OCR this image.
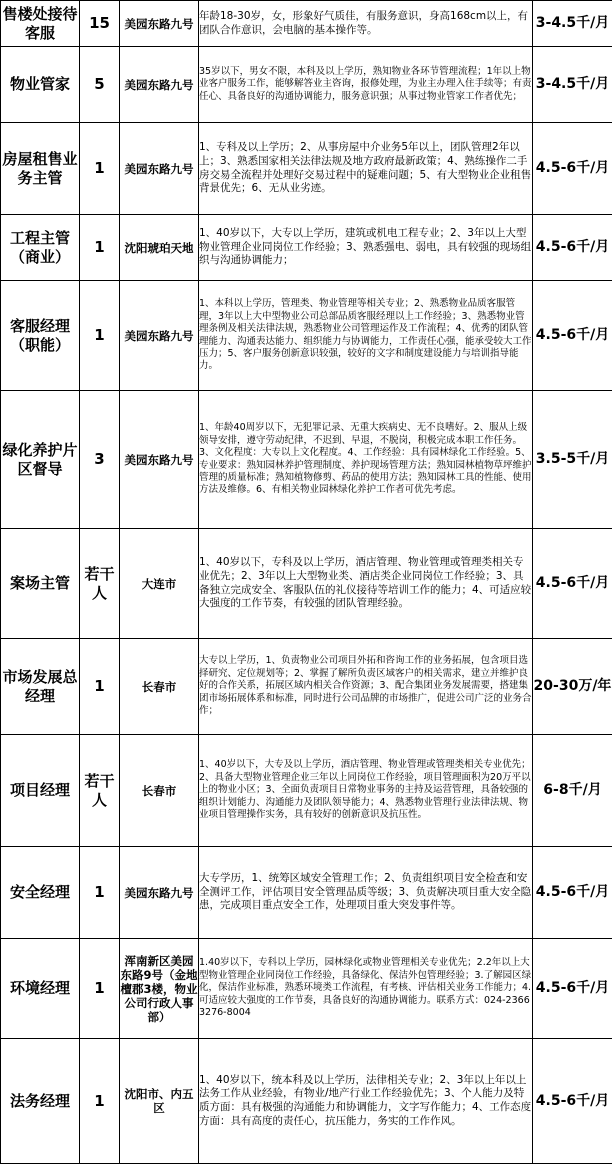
售楼处接待客服	15	美园东路九号	年龄18-30岁，女，形象好气质佳，有服务意识，身高168cm以上，有团队合作意识，会电脑的基本操作等。	3-4.5千/月
物业管家	5	美园东路九号	35岁以下，男女不限，本科及以上学历，熟知物业各环节管理流程；1年以上物业客户服务工作，能够解答业主咨询，报修处理，为业主办理入住手续等；有责任心、具备良好的沟通协调能力，服务意识强；从事过物业管家工作者优先；	3-4.5千/月
房屋租售业务主管	1	美园东路九号	1、专科及以上学历；2、从事房屋中介业务5年以上，团队管理2年以上；3、熟悉国家相关法律法规及地方政府最新政策；4、熟练操作二手房交易全流程并处理好交易过程中的疑难问题；5、有大型物业企业租售背景优先；6、无从业劣迹。	4.5-6千/月
工程主管（商业）	1	沈阳琥珀天地	1、40岁以下，大专以上学历，建筑或机电工程专业；2、3年以上大型物业管理企业同岗位工作经验；3、熟悉强电、弱电，具有较强的现场组织与沟通协调能力；	4.5-6千/月
客服经理（职能）	1	美园东路九号	1、本科以上学历，管理类、物业管理等相关专业；2、熟悉物业品质客服管理，3年以上大中型物业公司总部品质客服经理以上工作经验；3、熟悉物业管理条例及相关法律法规，熟悉物业公司管理运作及工作流程；4、优秀的团队管理能力、沟通表达能力、组织能力与协调能力，工作责任心强，能承受较大工作压力；5、客户服务创新意识较强，较好的文字和制度建设能力与培训指导能力。	4.5-6千/月
绿化养护片区督导	3	美园东路九号	1、年龄40周岁以下，无犯罪记录、无重大疾病史、无不良嗜好。2、服从上级领导安排，遵守劳动纪律，不迟到、早退，不脱岗，积极完成本职工作任务。3、文化程度：大专以上文化程度。4、工作经验：具有园林绿化工作经验。5、专业要求：熟知园林养护管理制度、养护现场管理方法；熟知园林植物草坪维护管理的质量标准；熟知植物修剪、药品的使用方法；熟知园林工具的性能、使用方法及维修。6、有相关物业园林绿化养护工作者可优先考虑。	3.5-5千/月
案场主管	若干人	大连市	1、40岁以下，专科及以上学历，酒店管理、物业管理或管理类相关专业优先；2、3年以上大型物业类、酒店类企业同岗位工作经验；3、具备独立完成安全、客服队伍的礼仪接待等培训工作的能力；4、可适应较大强度的工作节奏，有较强的团队管理经验。	4.5-6千/月
市场发展总经理	1	长春市	大专以上学历，1、负责物业公司项目外拓和咨询工作的业务拓展，包含项目选择研究、定位规划等；2、掌握了解所负责区域客户的相关需求，建立并维护良好的合作关系，拓展区域内相关合作资源；3、配合集团业务发展需要，搭建集团市场拓展体系和标准，同时进行公司品牌的市场推广，促进公司广泛的业务合作；	20-30万/年
项目经理	若干人	长春市	1、40岁以下，大专及以上学历，酒店管理、物业管理或管理类相关专业优先；2、具备大型物业管理企业三年以上同岗位工作经验，项目管理面积为20万平以上的物业小区；3、全面负责项目日常物业事务的主持及运营管理，具备较强的组织计划能力、沟通能力及团队领导能力；4、熟悉物业管理行业法律法规、物业项目管理操作实务，具有较好的创新意识及抗压性。	6-8千/月
安全经理	1	美园东路九号	大专学历，1、统筹区域安全管理工作；2、负责组织项目安全检查和安全测评工作，评估项目安全管理品质等级；3、负责解决项目重大安全隐患，完成项目重点安全工作，处理项目重大突发事件等。	4.5-6千/月
环境经理	1	浑南新区美园东路9号（金地檀郡3楼，物业公司行政人事部）	1.40岁以下，专科以上学历，园林绿化或物业管理相关专业优先；2.2年以上大型物业管理企业同岗位工作经验，具备绿化、保洁外包管理经验；3.了解园区绿化，保洁作业标准，熟悉环境类工作流程，有考核、评估相关业务工作能力；4.可适应较大强度的工作节奏，具备良好的沟通协调能力。联系方式：024-23663276-8004	4.5-6千/月
法务经理	1	沈阳市、内五区	1、40岁以下，统本科及以上学历，法律相关专业；2、3年以上年以上法务工作从业经验，有物业/地产行业工作经验优先；3、个人能力及特质方面：具有极强的沟通能力和协调能力，文字写作能力；4、工作态度方面：具有高度的责任心，抗压能力，务实的工作作风。	4.5-6千/月
